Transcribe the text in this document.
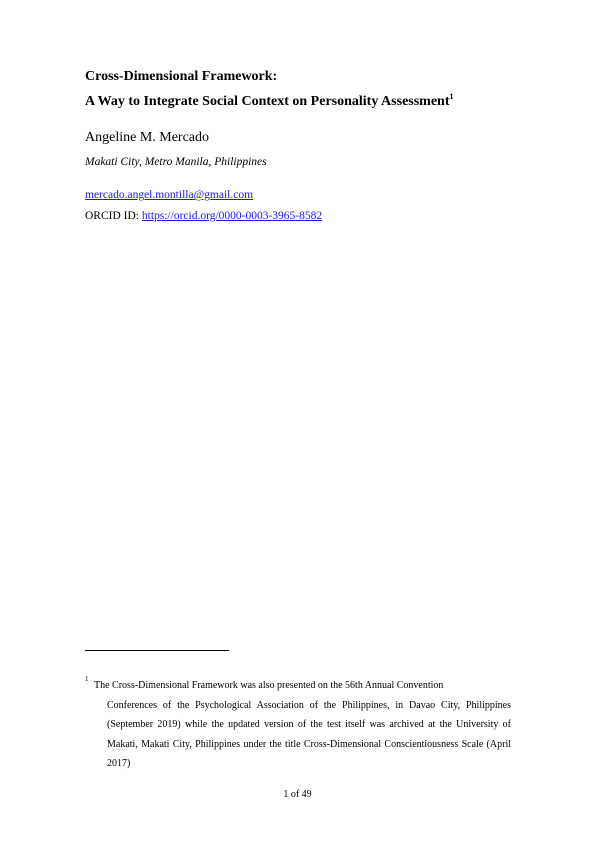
Cross-Dimensional Framework:
A Way to Integrate Social Context on Personality Assessment$^1$
Angeline M. Mercado
Makati City, Metro Manila, Philippines
mercado.angel.montilla@gmail.com
ORCID ID: https://orcid.org/0000-0003-3965-8582
1
The Cross-Dimensional Framework was also presented on the 56th Annual Convention
Conferences of the Psychological Association of the Philippines, in Davao City, Philippines (September 2019) while the updated version of the test itself was archived at the University of Makati, Makati City, Philippines under the title Cross-Dimensional Conscientiousness Scale (April 2017)
1 of 49
